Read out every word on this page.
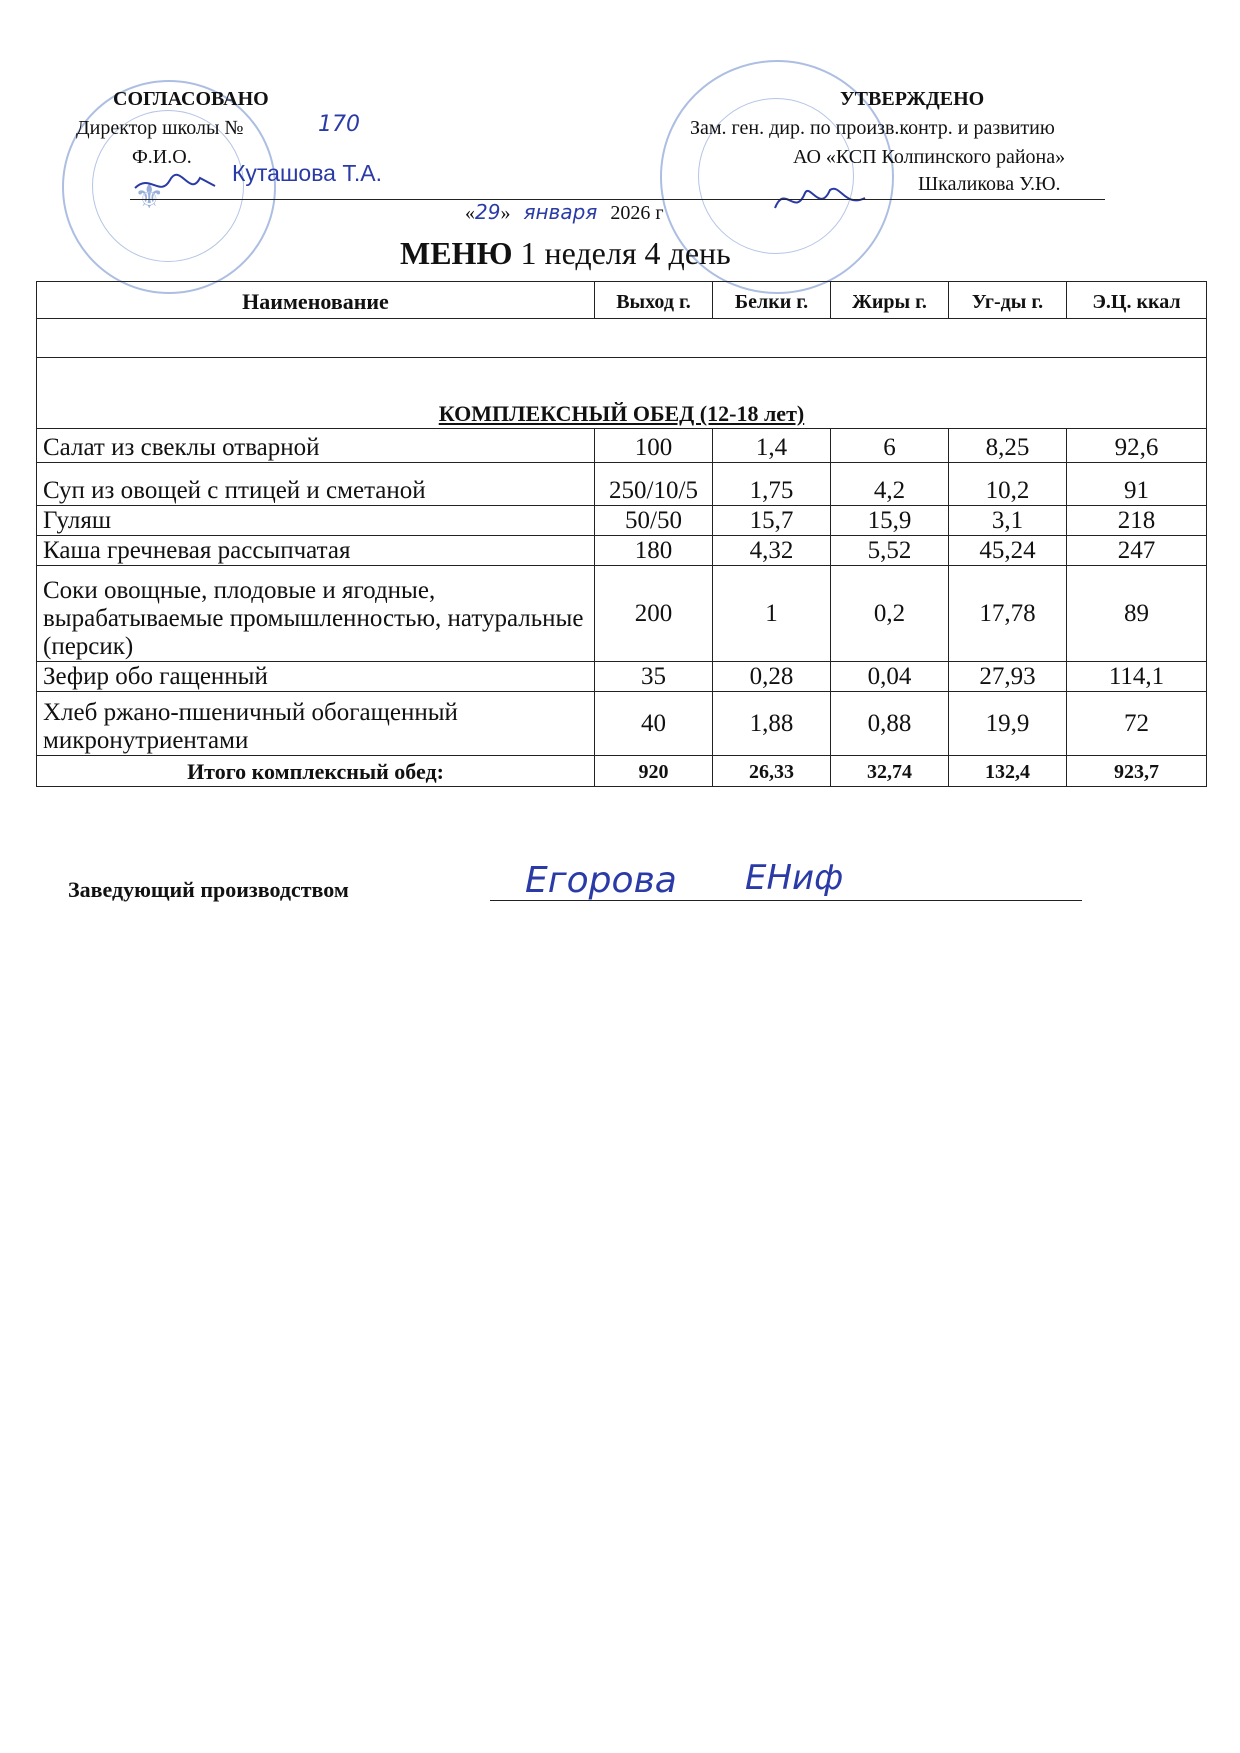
⚜
СОГЛАСОВАНО
Директор школы №	170
Ф.И.О.
Куташова Т.А.
УТВЕРЖДЕНО
Зам. ген. дир. по произв.контр. и развитию
АО «КСП Колпинского района»
Шкаликова У.Ю.
«29» января 2026 г
МЕНЮ 1 неделя 4 день
Наименование	Выход г.	Белки г.	Жиры г.	Уг-ды г.	Э.Ц. ккал

КОМПЛЕКСНЫЙ ОБЕД (12-18 лет)					
Салат из свеклы отварной	100	1,4	6	8,25	92,6
Суп из овощей с птицей и сметаной	250/10/5	1,75	4,2	10,2	91
Гуляш	50/50	15,7	15,9	3,1	218
Каша гречневая рассыпчатая	180	4,32	5,52	45,24	247
Соки овощные, плодовые и ягодные, вырабатываемые промышленностью, натуральные (персик)	200	1	0,2	17,78	89
Зефир обо гащенный	35	0,28	0,04	27,93	114,1
Хлеб ржано-пшеничный обогащенный микронутриентами	40	1,88	0,88	19,9	72
Итого комплексный обед:	920	26,33	32,74	132,4	923,7
Заведующий производством	Егорова ЕНиф
